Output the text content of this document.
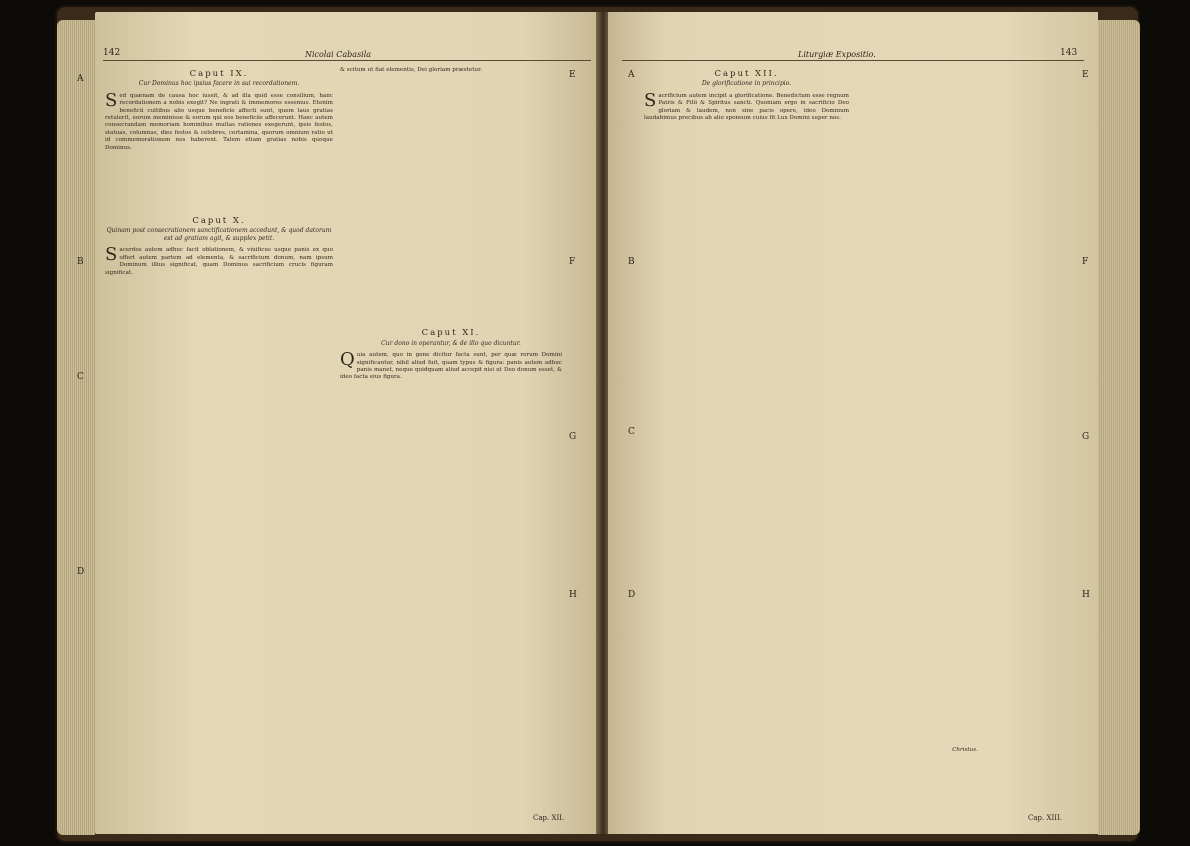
142	Nicolai Cabasila
A
B
C
D
E
F
G
H
Caput IX.
Cur Dominus hoc ipsius facere in sui recordationem.

Sed quænam de causa hoc iussit, & ad illa quid esse consilium, hanc recordationem a nobis exegit? Ne ingrati & immemores essemus. Etenim beneficii cultibus alio usque beneficio affecti sunt, quem laus gratias retulerit, eorum meminisse & eorum qui eos beneficiis affecerunt. Hanc autem consecrandam memoriam hominibus multas rationes exegerunt, ipsis festos, statuas, columnas, dies festos & celebres, certamina, quorum omnium ratio ut id commemorationem nos haberent. Talem etiam gratias nobis quoque Dominus.

Caput X.
Quinam post consecrationem sanctificationem accedunt, & quod datorum est ad gratiam agit, & supplex petit.

Sacerdos autem adhuc facit oblationem, & viuificus usque panis ex quo offert autem partem ad elementa, & sacrificium donum, nam ipsum Dominum illius significat, quam Dominus sacrificium crucis figuram significat.

& scitum ut fiat elementis, Dei gloriam præstetur.

Caput XI.
Cur dono in operantur, & de illo quo dicuntur.

Quia autem, quo in gene dicitur facta sunt, per quæ rerum Domini significantur, nihil aliud fuit, quam typus & figura: panis autem adhuc panis manet, neque quidquam aliud accepit nisi ut Deo donum esset, & ideo facta eius figura.

Cap. XII.
Liturgiæ Expositio.	143
A
B
C
D
E
F
G
H
Caput XII.
De glorificatione in principio.

Sacrificium autem incipit a glorificatione. Benedictum esse regnum Patris & Filii & Spiritus sancti. Quoniam ergo in sacrificio Deo gloriam & laudem, non sine pacis opere, ideo Dominum laudabimus precibus ab alio sponsum cuius fit Lux Domini super nos.

Christus.

Cap. XIII.
